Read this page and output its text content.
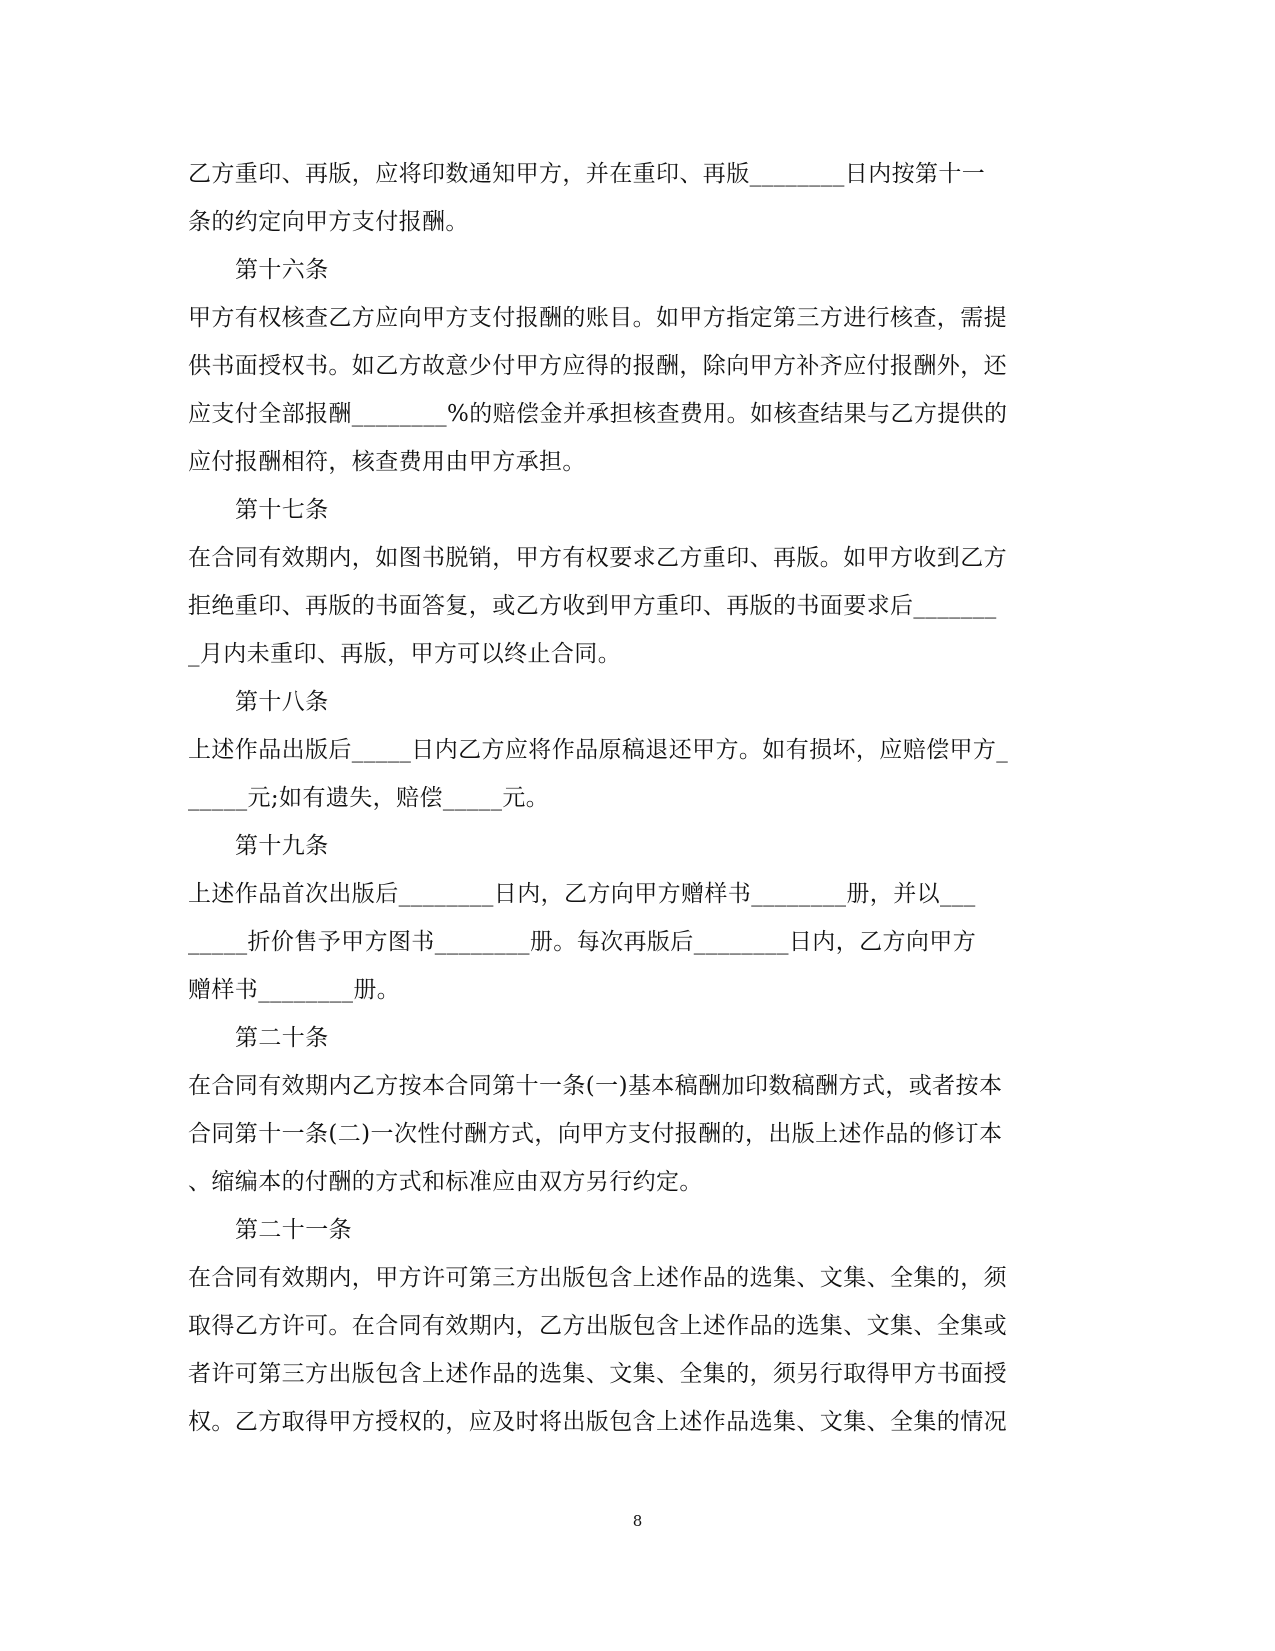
乙方重印、再版，应将印数通知甲方，并在重印、再版________日内按第十一
条的约定向甲方支付报酬。
第十六条
甲方有权核查乙方应向甲方支付报酬的账目。如甲方指定第三方进行核查，需提
供书面授权书。如乙方故意少付甲方应得的报酬，除向甲方补齐应付报酬外，还
应支付全部报酬________%的赔偿金并承担核查费用。如核查结果与乙方提供的
应付报酬相符，核查费用由甲方承担。
第十七条
在合同有效期内，如图书脱销，甲方有权要求乙方重印、再版。如甲方收到乙方
拒绝重印、再版的书面答复，或乙方收到甲方重印、再版的书面要求后_______
_月内未重印、再版，甲方可以终止合同。
第十八条
上述作品出版后_____日内乙方应将作品原稿退还甲方。如有损坏，应赔偿甲方_
_____元;如有遗失，赔偿_____元。
第十九条
上述作品首次出版后________日内，乙方向甲方赠样书________册，并以___
_____折价售予甲方图书________册。每次再版后________日内，乙方向甲方
赠样书________册。
第二十条
在合同有效期内乙方按本合同第十一条(一)基本稿酬加印数稿酬方式，或者按本
合同第十一条(二)一次性付酬方式，向甲方支付报酬的，出版上述作品的修订本
、缩编本的付酬的方式和标准应由双方另行约定。
第二十一条
在合同有效期内，甲方许可第三方出版包含上述作品的选集、文集、全集的，须
取得乙方许可。在合同有效期内，乙方出版包含上述作品的选集、文集、全集或
者许可第三方出版包含上述作品的选集、文集、全集的，须另行取得甲方书面授
权。乙方取得甲方授权的，应及时将出版包含上述作品选集、文集、全集的情况
8
